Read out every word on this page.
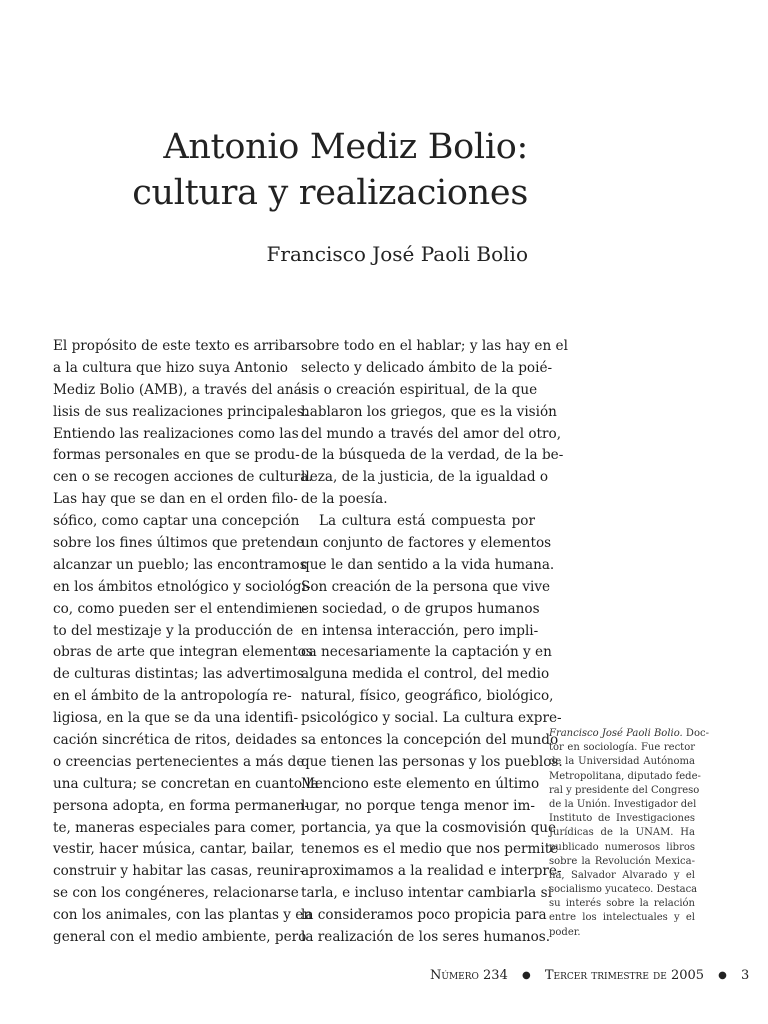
Antonio Mediz Bolio:
cultura y realizaciones
Francisco José Paoli Bolio
El propósito de este texto es arribar
a la cultura que hizo suya Antonio
Mediz Bolio (AMB), a través del aná-
lisis de sus realizaciones principales.
Entiendo las realizaciones como las
formas personales en que se produ-
cen o se recogen acciones de cultura.
Las hay que se dan en el orden filo-
sófico, como captar una concepción
sobre los fines últimos que pretende
alcanzar un pueblo; las encontramos
en los ámbitos etnológico y sociológi-
co, como pueden ser el entendimien-
to del mestizaje y la producción de
obras de arte que integran elementos
de culturas distintas; las advertimos
en el ámbito de la antropología re-
ligiosa, en la que se da una identifi-
cación sincrética de ritos, deidades
o creencias pertenecientes a más de
una cultura; se concretan en cuanto la
persona adopta, en forma permanen-
te, maneras especiales para comer,
vestir, hacer música, cantar, bailar,
construir y habitar las casas, reunir-
se con los congéneres, relacionarse
con los animales, con las plantas y en
general con el medio ambiente, pero
sobre todo en el hablar; y las hay en el
selecto y delicado ámbito de la poié-
sis o creación espiritual, de la que
hablaron los griegos, que es la visión
del mundo a través del amor del otro,
de la búsqueda de la verdad, de la be-
lleza, de la justicia, de la igualdad o
de la poesía.
La cultura está compuesta por
un conjunto de factores y elementos
que le dan sentido a la vida humana.
Son creación de la persona que vive
en sociedad, o de grupos humanos
en intensa interacción, pero impli-
ca necesariamente la captación y en
alguna medida el control, del medio
natural, físico, geográfico, biológico,
psicológico y social. La cultura expre-
sa entonces la concepción del mundo
que tienen las personas y los pueblos.
Menciono este elemento en último
lugar, no porque tenga menor im-
portancia, ya que la cosmovisión que
tenemos es el medio que nos permite
aproximamos a la realidad e interpre-
tarla, e incluso intentar cambiarla si
la consideramos poco propicia para
la realización de los seres humanos.
Francisco José Paoli Bolio. Doc-
tor en sociología. Fue rector
de la Universidad Autónoma
Metropolitana, diputado fede-
ral y presidente del Congreso
de la Unión. Investigador del
Instituto de Investigaciones
Jurídicas de la UNAM. Ha
publicado numerosos libros
sobre la Revolución Mexica-
na, Salvador Alvarado y el
socialismo yucateco. Destaca
su interés sobre la relación
entre los intelectuales y el
poder.
Número 234 ● Tercer trimestre de 2005 ● 3
